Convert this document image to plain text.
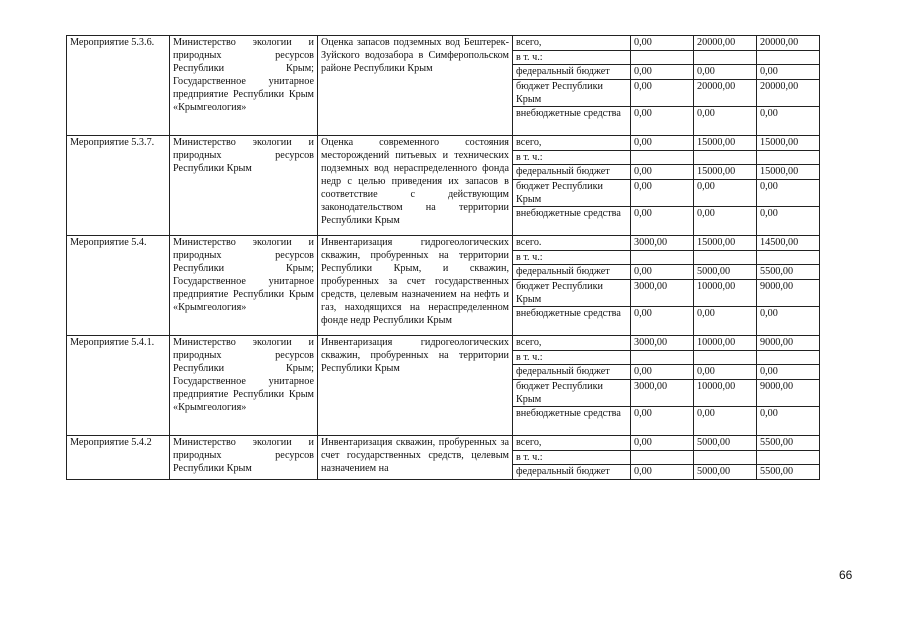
Мероприятие 5.3.6.	Министерство экологии и природных ресурсов Республики Крым; Государственное унитарное предприятие Республики Крым «Крымгеология»	Оценка запасов подземных вод Бештерек-Зуйского водозабора в Симферопольском районе Республики Крым	всего,	0,00	20000,00	20000,00
			в т. ч.:			
			федеральный бюджет	0,00	0,00	0,00
			бюджет Республики Крым	0,00	20000,00	20000,00
			внебюджетные средства	0,00	0,00	0,00
Мероприятие 5.3.7.	Министерство экологии и природных ресурсов Республики Крым	Оценка современного состояния месторождений питьевых и технических подземных вод нераспределенного фонда недр с целью приведения их запасов в соответствие с действующим законодательством на территории Республики Крым	всего,	0,00	15000,00	15000,00
			в т. ч.:			
			федеральный бюджет	0,00	15000,00	15000,00
			бюджет Республики Крым	0,00	0,00	0,00
			внебюджетные средства	0,00	0,00	0,00
Мероприятие 5.4.	Министерство экологии и природных ресурсов Республики Крым; Государственное унитарное предприятие Республики Крым «Крымгеология»	Инвентаризация гидрогеологических скважин, пробуренных на территории Республики Крым, и скважин, пробуренных за счет государственных средств, целевым назначением на нефть и газ, находящихся на нераспределенном фонде недр Республики Крым	всего.	3000,00	15000,00	14500,00
			в т. ч.:			
			федеральный бюджет	0,00	5000,00	5500,00
			бюджет Республики Крым	3000,00	10000,00	9000,00
			внебюджетные средства	0,00	0,00	0,00
Мероприятие 5.4.1.	Министерство экологии и природных ресурсов Республики Крым; Государственное унитарное предприятие Республики Крым «Крымгеология»	Инвентаризация гидрогеологических скважин, пробуренных на территории Республики Крым	всего,	3000,00	10000,00	9000,00
			в т. ч.:			
			федеральный бюджет	0,00	0,00	0,00
			бюджет Республики Крым	3000,00	10000,00	9000,00
			внебюджетные средства	0,00	0,00	0,00
Мероприятие 5.4.2	Министерство экологии и природных ресурсов Республики Крым	Инвентаризация скважин, пробуренных за счет государственных средств, целевым назначением на	всего,	0,00	5000,00	5500,00
			в т. ч.:			
			федеральный бюджет	0,00	5000,00	5500,00
66
